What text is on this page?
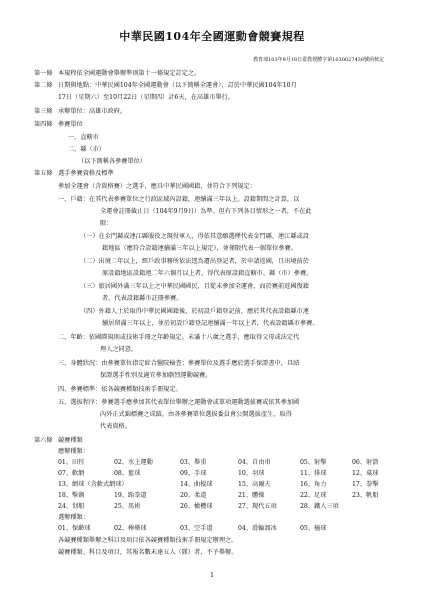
中華民國104年全國運動會競賽規程
教育部103年9月18日臺教授體字第1030027438號函核定
第一條 本規程依全國運動會舉辦準則第十一條規定訂定之。
第二條 日期與地點：中華民國104年全國運動會（以下簡稱全運會），訂於中華民國104年10月
17日（星期六）至10月22日（星期四）計6天，在高雄市舉行。
第三條 承辦單位：高雄市政府。
第四條 參賽單位
一、直轄市
二、縣（市）
（以下簡稱各參賽單位）
第五條 選手參賽資格及標準
參加全運會（含資格賽）之選手，應具中華民國國籍，並符合下列規定：
一、戶籍：在其代表參賽單位之行政區域內設籍，連續滿三年以上。設籍期間之計算，以
全運會註冊截止日（104年9月9日）為準。但有下列各目情形之一者，不在此
限：
（一）在金門縣或連江縣服役之現役軍人，得依其意願選擇代表金門縣、連江縣或設
籍地區（應符合設籍連續滿三年以上規定），並僅限代表一個單位參賽。
（二）出境二年以上，經戶政事務所依法逕為遷出登記者，於申請返國，且出境前於
原設籍地區設籍連二年六個月以上者，得代表原設籍直轄市、縣（市）參賽。
（三）旅居國外滿三年以上之中華民國國民，且從未參加全運會，而於賽前返國復籍
者，代表設籍縣市註冊參賽。
（四）外籍人士於取得中華民國國籍後，於初設戶籍登記前，應於其代表設籍縣市連
續居留滿三年以上，並於初設戶籍登記連續滿一年以上者，代表設籍縣市參賽。
二、年齡：依國際規則或技術手冊之年齡規定。未滿十八歲之選手，應取得父母或法定代
理人之同意。
三、身體狀況：由參賽單位指定綜合醫院檢查；參賽單位及選手應於選手保證書中，具結
保證選手性別及適宜參加劇烈運動競賽。
四、參賽標準：依各競賽種類技術手冊規定。
五、選拔程序：參賽選手應參加其代表單位舉辦之運動會或單項運動選拔賽或依其參加國
內外正式錦標賽之成績，由各參賽單位選拔委員會公開選拔產生，取得
代表資格。
第六條 競賽種類
應辦種類：
01、田徑	02、水上運動	03、舉重	04、自由車	05、射擊	06、射箭
07、軟網	08、籃球	09、手球	10、羽球	11、排球	12、桌球
13、網球（含軟式網球）	14、曲棍球	15、高爾夫	16、角力	17、拳擊
18、擊劍	19、跆拳道	20、柔道	21、體操	22、足球	23、帆船
24、划船	25、馬術	26、橄欖球	27、現代五項	28、鐵人三項
選辦種類：
01、保齡球	02、棒壘球	03、空手道	04、滑輪溜冰	05、撞球
各競賽種類舉辦之科目及項目依各競賽種類技術手冊規定辦理之。
競賽種類、科目及項目，其報名數未達五人（隊）者，不予舉辦。
1
